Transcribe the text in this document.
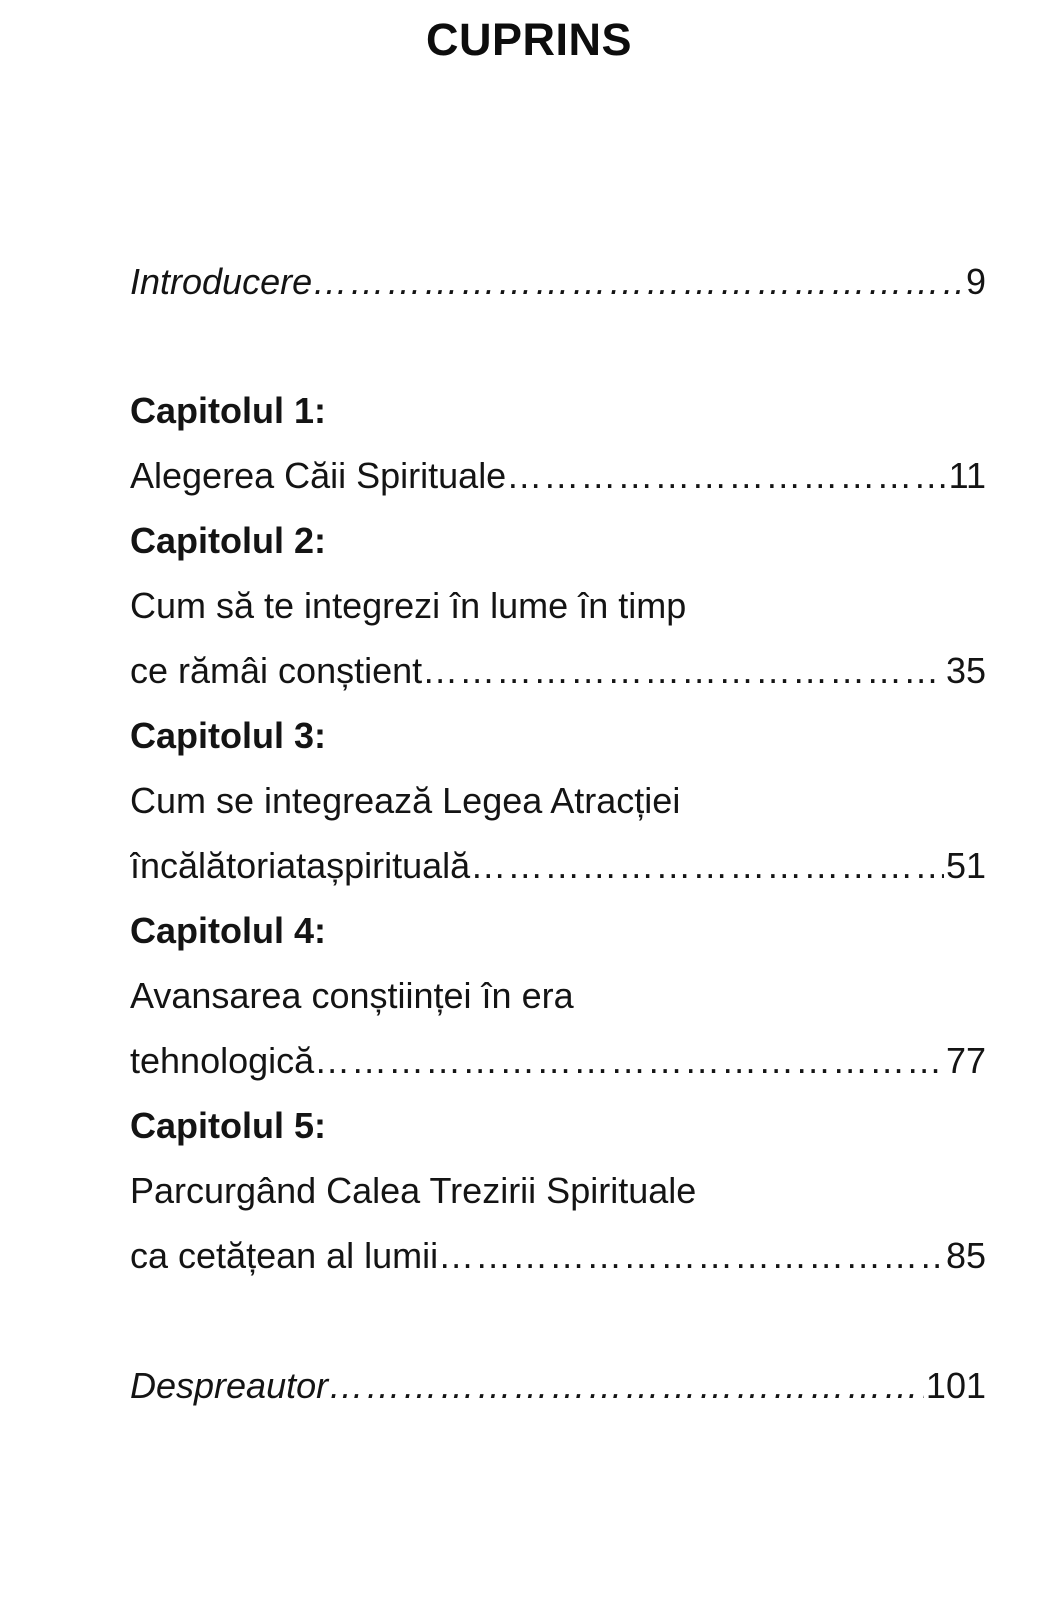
CUPRINS
Introducere ……………………………………………………………………………………………………………………………………………………………………………………	9
Capitolul 1:
Alegerea Căii Spirituale ……………………………………………………………………………………………………………………………………………………………………………………	11
Capitolul 2:
Cum să te integrezi în lume în timp
ce rămâi conștient ……………………………………………………………………………………………………………………………………………………………………………………	35
Capitolul 3:
Cum se integrează Legea Atracției
încălătoriatașpirituală ……………………………………………………………………………………………………………………………………………………………………………………	51
Capitolul 4:
Avansarea conștiinței în era
tehnologică ……………………………………………………………………………………………………………………………………………………………………………………	77
Capitolul 5:
Parcurgând Calea Trezirii Spirituale
ca cetățean al lumii ……………………………………………………………………………………………………………………………………………………………………………………	85
Despreautor ……………………………………………………………………………………………………………………………………………………………………………………	101
